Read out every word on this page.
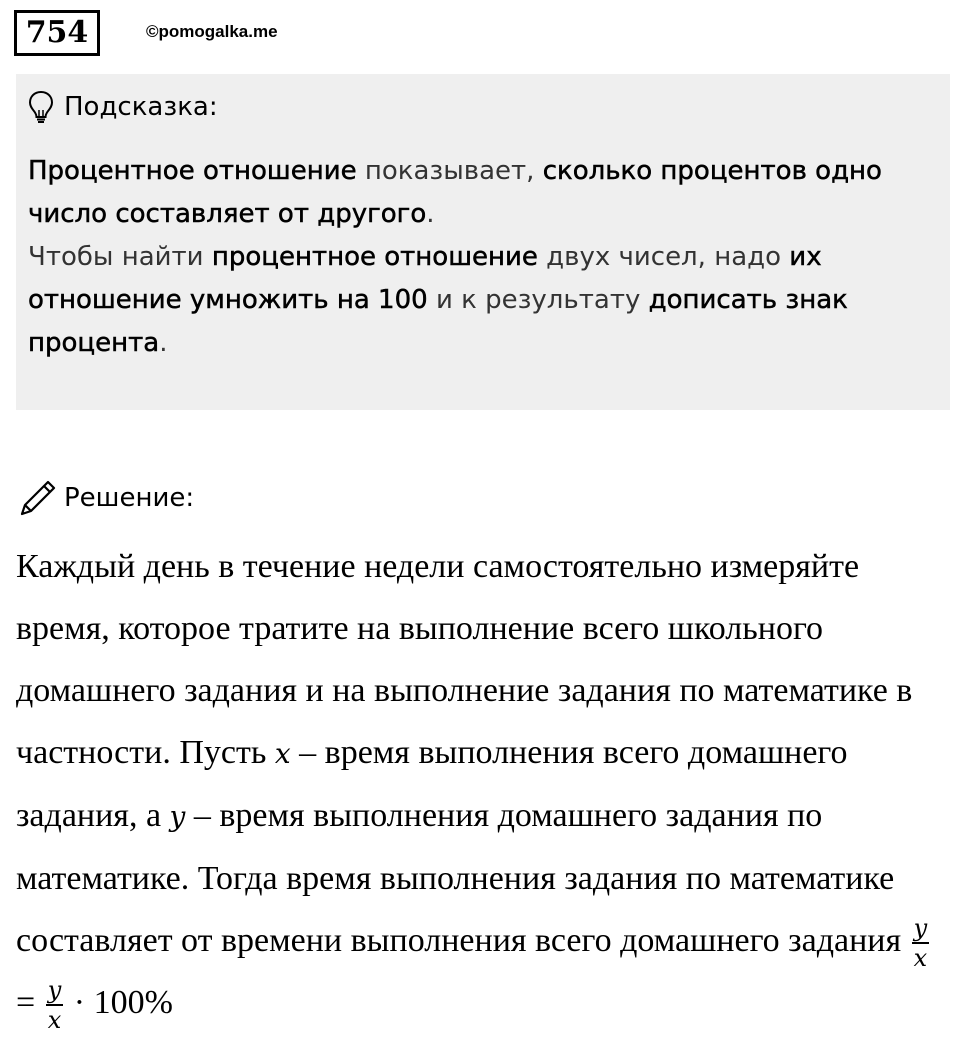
754	©pomogalka.me
Подсказка:

Процентное отношение показывает, сколько процентов одно число составляет от другого.

Чтобы найти процентное отношение двух чисел, надо их отношение умножить на 100 и к результату дописать знак процента.

Решение:
Каждый день в течение недели самостоятельно измеряйте время, которое тратите на выполнение всего школьного домашнего задания и на выполнение задания по математике в частности. Пусть x – время выполнения всего домашнего задания, а y – время выполнения домашнего задания по математике. Тогда время выполнения задания по математике составляет от времени выполнения всего домашнего задания $\frac{y}{x}$
= $\frac{y}{x} \cdot 100\%$
